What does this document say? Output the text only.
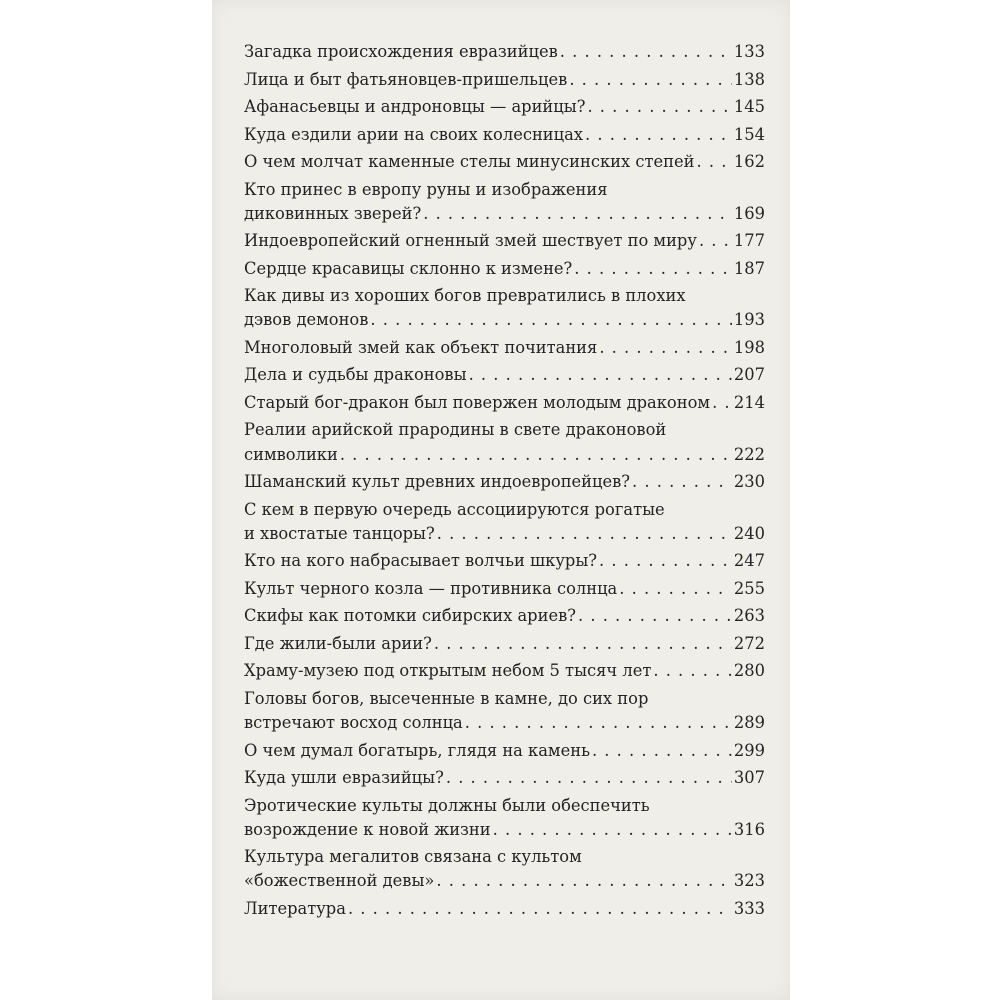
Загадка происхождения евразийцев . . .	133
Лица и быт фатьяновцев-пришельцев . . .	138
Афанасьевцы и андроновцы — арийцы? . . .	145
Куда ездили арии на своих колесницах . . .	154
О чем молчат каменные стелы минусинских степей . . . 162
Кто принес в европу руны и изображения
диковинных зверей? . . .	169
Индоевропейский огненный змей шествует по миру . . . 177
Сердце красавицы склонно к измене? . . .	187
Как дивы из хороших богов превратились в плохих
дэвов демонов . . .	193
Многоловый змей как объект почитания . . .	198
Дела и судьбы драконовы . . .	207
Старый бог-дракон был повержен молодым драконом . . . 214
Реалии арийской прародины в свете драконовой
символики . . .	222
Шаманский культ древних индоевропейцев? . . .	230
С кем в первую очередь ассоциируются рогатые
и хвостатые танцоры? . . .	240
Кто на кого набрасывает волчьи шкуры? . . .	247
Культ черного козла — противника солнца . . .	255
Скифы как потомки сибирских ариев? . . .	263
Где жили-были арии? . . .	272
Храму-музею под открытым небом 5 тысяч лет . . .	280
Головы богов, высеченные в камне, до сих пор
встречают восход солнца . . .	289
О чем думал богатырь, глядя на камень . . .	299
Куда ушли евразийцы? . . .	307
Эротические культы должны были обеспечить
возрождение к новой жизни . . .	316
Культура мегалитов связана с культом
«божественной девы» . . .	323
Литература . . .	333
